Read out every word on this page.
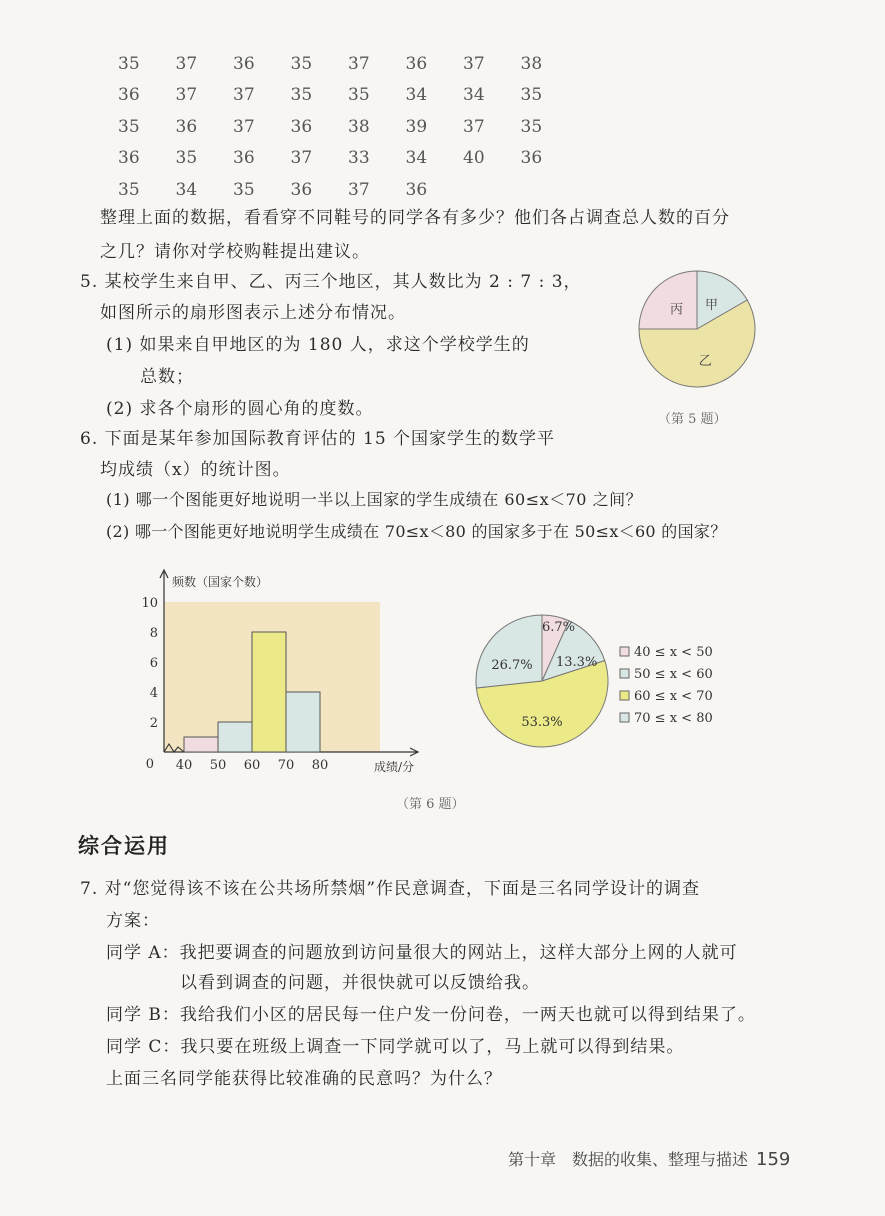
35	37	36	35	37	36	37	38
36	37	37	35	35	34	34	35
35	36	37	36	38	39	37	35
36	35	36	37	33	34	40	36
35	34	35	36	37	36
整理上面的数据，看看穿不同鞋号的同学各有多少？他们各占调查总人数的百分
之几？请你对学校购鞋提出建议。
5. 某校学生来自甲、乙、丙三个地区，其人数比为 2 : 7 : 3，
如图所示的扇形图表示上述分布情况。
(1) 如果来自甲地区的为 180 人，求这个学校学生的
总数；
(2) 求各个扇形的圆心角的度数。
甲
乙
丙
（第 5 题）
6. 下面是某年参加国际教育评估的 15 个国家学生的数学平
均成绩（x）的统计图。
(1) 哪一个图能更好地说明一半以上国家的学生成绩在 60≤x＜70 之间？
(2) 哪一个图能更好地说明学生成绩在 70≤x＜80 的国家多于在 50≤x＜60 的国家？
0
2
4
6
8
10
40 50 60 70 80
频数（国家个数）
成绩/分
6.7%
13.3%
53.3%
26.7%
40 ≤ x < 50
50 ≤ x < 60
60 ≤ x < 70
70 ≤ x < 80
（第 6 题）
综合运用
7. 对“您觉得该不该在公共场所禁烟”作民意调查，下面是三名同学设计的调查
方案：
同学 A：我把要调查的问题放到访问量很大的网站上，这样大部分上网的人就可
以看到调查的问题，并很快就可以反馈给我。
同学 B：我给我们小区的居民每一住户发一份问卷，一两天也就可以得到结果了。
同学 C：我只要在班级上调查一下同学就可以了，马上就可以得到结果。
上面三名同学能获得比较准确的民意吗？为什么？
第十章　数据的收集、整理与描述 159
